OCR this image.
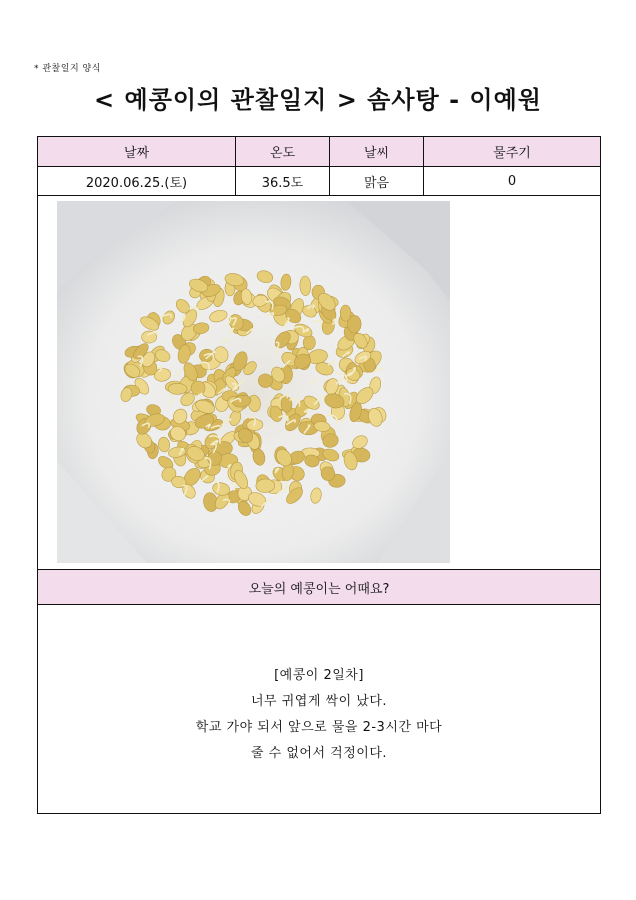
* 관찰일지 양식
< 예콩이의 관찰일지 > 솜사탕 - 이예원
날짜	온도	날씨	물주기
2020.06.25.(토)	36.5도	맑음	0

오늘의 예콩이는 어때요?			

[예콩이 2일차]
너무 귀엽게 싹이 났다.
학교 가야 되서 앞으로 물을 2-3시간 마다
줄 수 없어서 걱정이다.			
